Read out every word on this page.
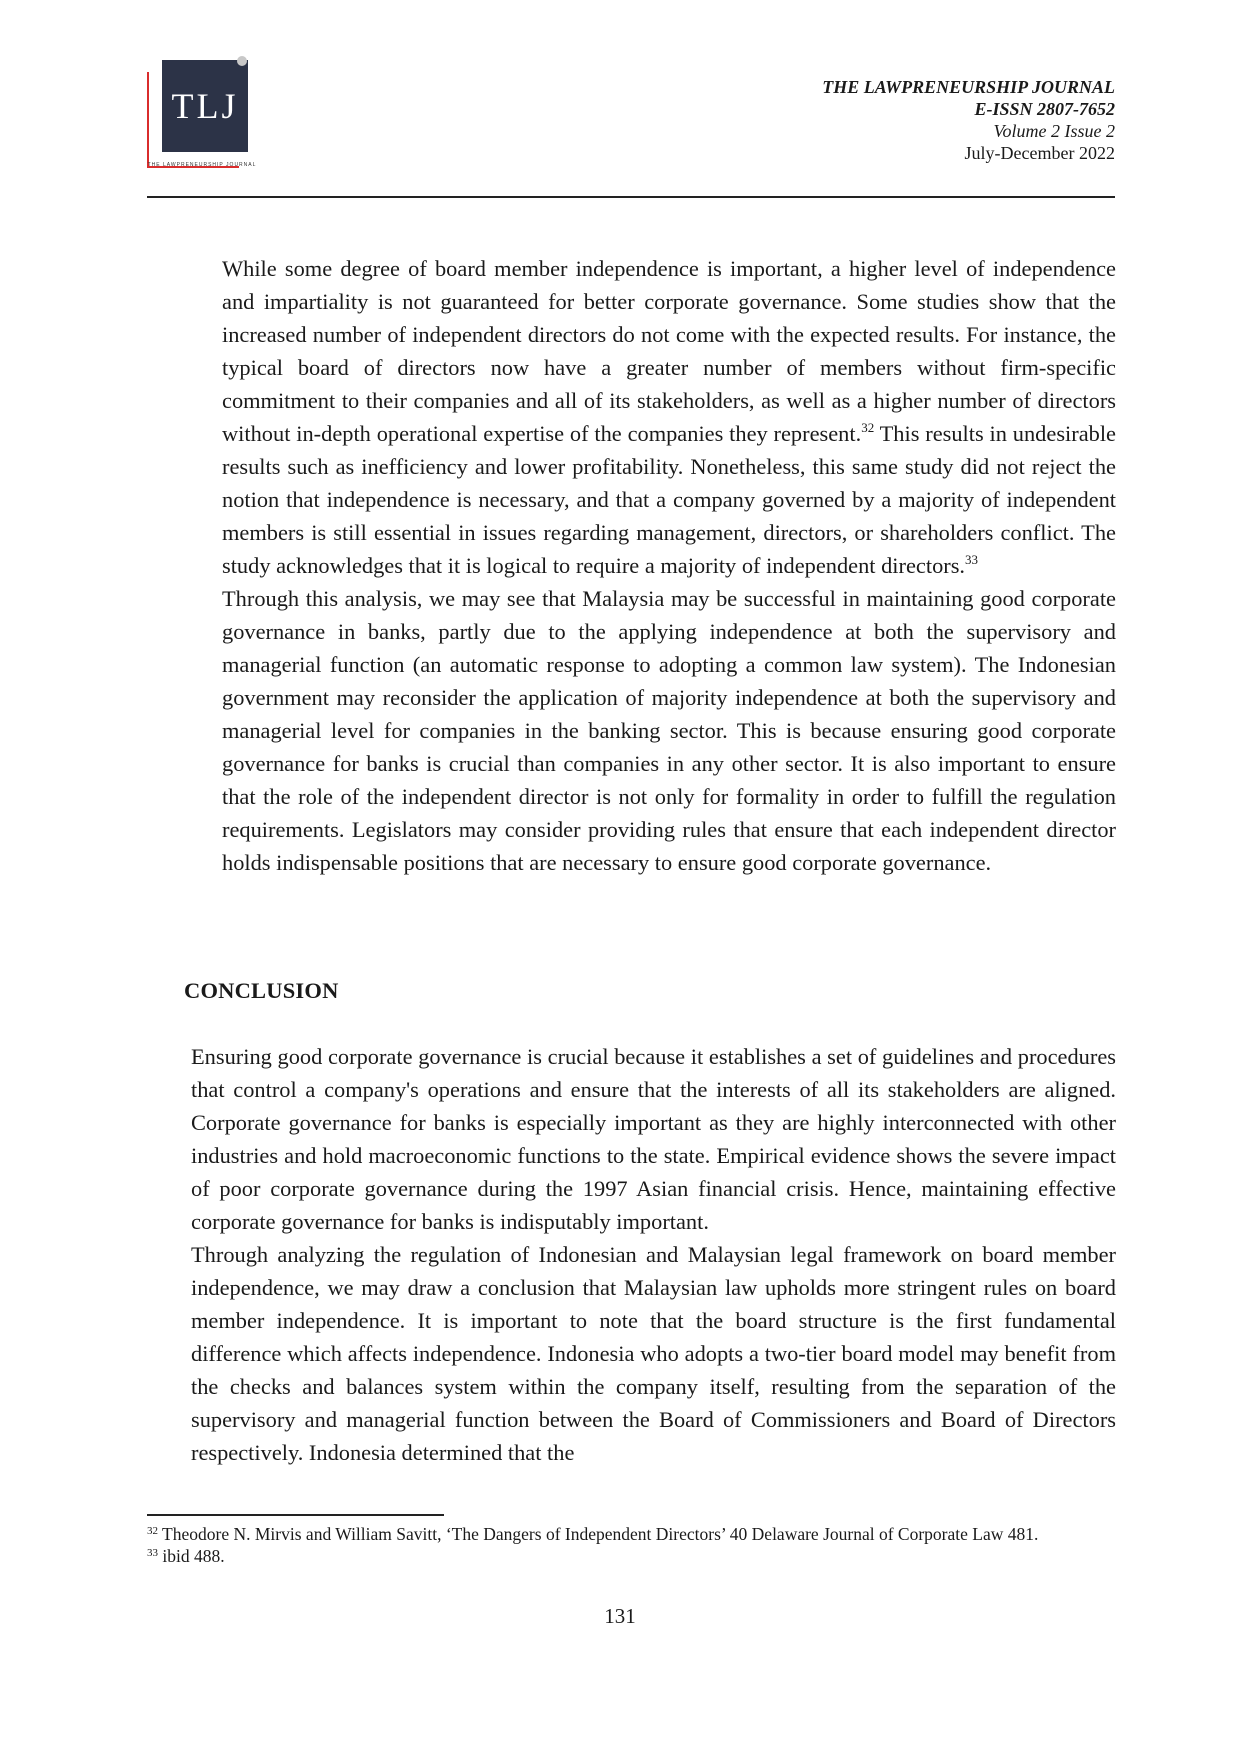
TLJ
THE LAWPRENEURSHIP JOURNAL
THE LAWPRENEURSHIP JOURNAL
E-ISSN 2807-7652
Volume 2 Issue 2
July-December 2022

While some degree of board member independence is important, a higher level of independence and impartiality is not guaranteed for better corporate governance. Some studies show that the increased number of independent directors do not come with the expected results. For instance, the typical board of directors now have a greater number of members without firm-specific commitment to their companies and all of its stakeholders, as well as a higher number of directors without in-depth operational expertise of the companies they represent.$^{32}$ This results in undesirable results such as inefficiency and lower profitability. Nonetheless, this same study did not reject the notion that independence is necessary, and that a company governed by a majority of independent members is still essential in issues regarding management, directors, or shareholders conflict. The study acknowledges that it is logical to require a majority of independent directors.$^{33}$

Through this analysis, we may see that Malaysia may be successful in maintaining good corporate governance in banks, partly due to the applying independence at both the supervisory and managerial function (an automatic response to adopting a common law system). The Indonesian government may reconsider the application of majority independence at both the supervisory and managerial level for companies in the banking sector. This is because ensuring good corporate governance for banks is crucial than companies in any other sector. It is also important to ensure that the role of the independent director is not only for formality in order to fulfill the regulation requirements. Legislators may consider providing rules that ensure that each independent director holds indispensable positions that are necessary to ensure good corporate governance.

CONCLUSION

Ensuring good corporate governance is crucial because it establishes a set of guidelines and procedures that control a company's operations and ensure that the interests of all its stakeholders are aligned. Corporate governance for banks is especially important as they are highly interconnected with other industries and hold macroeconomic functions to the state. Empirical evidence shows the severe impact of poor corporate governance during the 1997 Asian financial crisis. Hence, maintaining effective corporate governance for banks is indisputably important.

Through analyzing the regulation of Indonesian and Malaysian legal framework on board member independence, we may draw a conclusion that Malaysian law upholds more stringent rules on board member independence. It is important to note that the board structure is the first fundamental difference which affects independence. Indonesia who adopts a two-tier board model may benefit from the checks and balances system within the company itself, resulting from the separation of the supervisory and managerial function between the Board of Commissioners and Board of Directors respectively. Indonesia determined that the

$^{32}$ Theodore N. Mirvis and William Savitt, ‘The Dangers of Independent Directors’ 40 Delaware Journal of Corporate Law 481.

$^{33}$ ibid 488.

131
